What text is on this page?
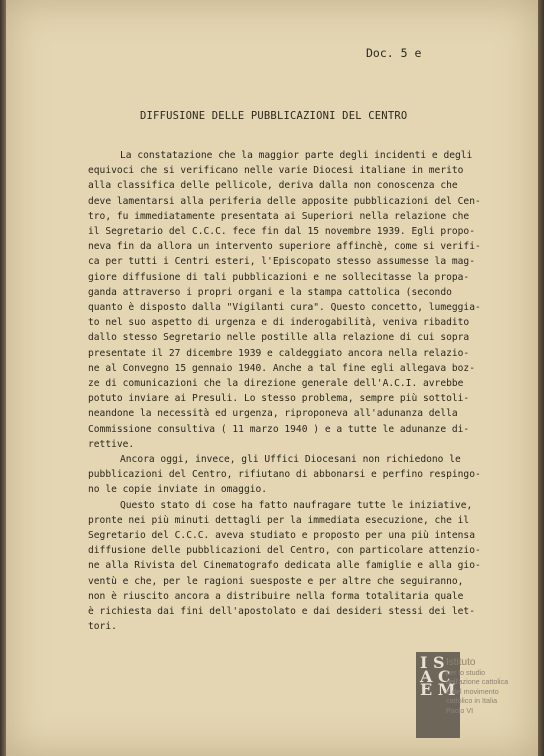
Doc. 5 e
DIFFUSIONE DELLE PUBBLICAZIONI DEL CENTRO
La constatazione che la maggior parte degli incidenti e degli
equivoci che si verificano nelle varie Diocesi italiane in merito
alla classifica delle pellicole, deriva dalla non conoscenza che
deve lamentarsi alla periferia delle apposite pubblicazioni del Cen-
tro, fu immediatamente presentata ai Superiori nella relazione che
il Segretario del C.C.C. fece fin dal 15 novembre 1939. Egli propo-
neva fin da allora un intervento superiore affinchè, come si verifi-
ca per tutti i Centri esteri, l'Episcopato stesso assumesse la mag-
giore diffusione di tali pubblicazioni e ne sollecitasse la propa-
ganda attraverso i propri organi e la stampa cattolica (secondo
quanto è disposto dalla "Vigilanti cura". Questo concetto, lumeggia-
to nel suo aspetto di urgenza e di inderogabilità, veniva ribadito
dallo stesso Segretario nelle postille alla relazione di cui sopra
presentate il 27 dicembre 1939 e caldeggiato ancora nella relazio-
ne al Convegno 15 gennaio 1940. Anche a tal fine egli allegava boz-
ze di comunicazioni che la direzione generale dell'A.C.I. avrebbe
potuto inviare ai Presuli. Lo stesso problema, sempre più sottoli-
neandone la necessità ed urgenza, riproponeva all'adunanza della
Commissione consultiva ( 11 marzo 1940 ) e a tutte le adunanze di-
rettive.
Ancora oggi, invece, gli Uffici Diocesani non richiedono le
pubblicazioni del Centro, rifiutano di abbonarsi e perfino respingo-
no le copie inviate in omaggio.
Questo stato di cose ha fatto naufragare tutte le iniziative,
pronte nei più minuti dettagli per la immediata esecuzione, che il
Segretario del C.C.C. aveva studiato e proposto per una più intensa
diffusione delle pubblicazioni del Centro, con particolare attenzio-
ne alla Rivista del Cinematografo dedicata alle famiglie e alla gio-
ventù e che, per le ragioni suesposte e per altre che seguiranno,
non è riuscito ancora a distribuire nella forma totalitaria quale
è richiesta dai fini dell'apostolato e dai desideri stessi dei let-
tori.
I S A C E M
Istituto
per lo studio
dell'azione cattolica
e del movimento
cattolico in Italia
Paolo VI
